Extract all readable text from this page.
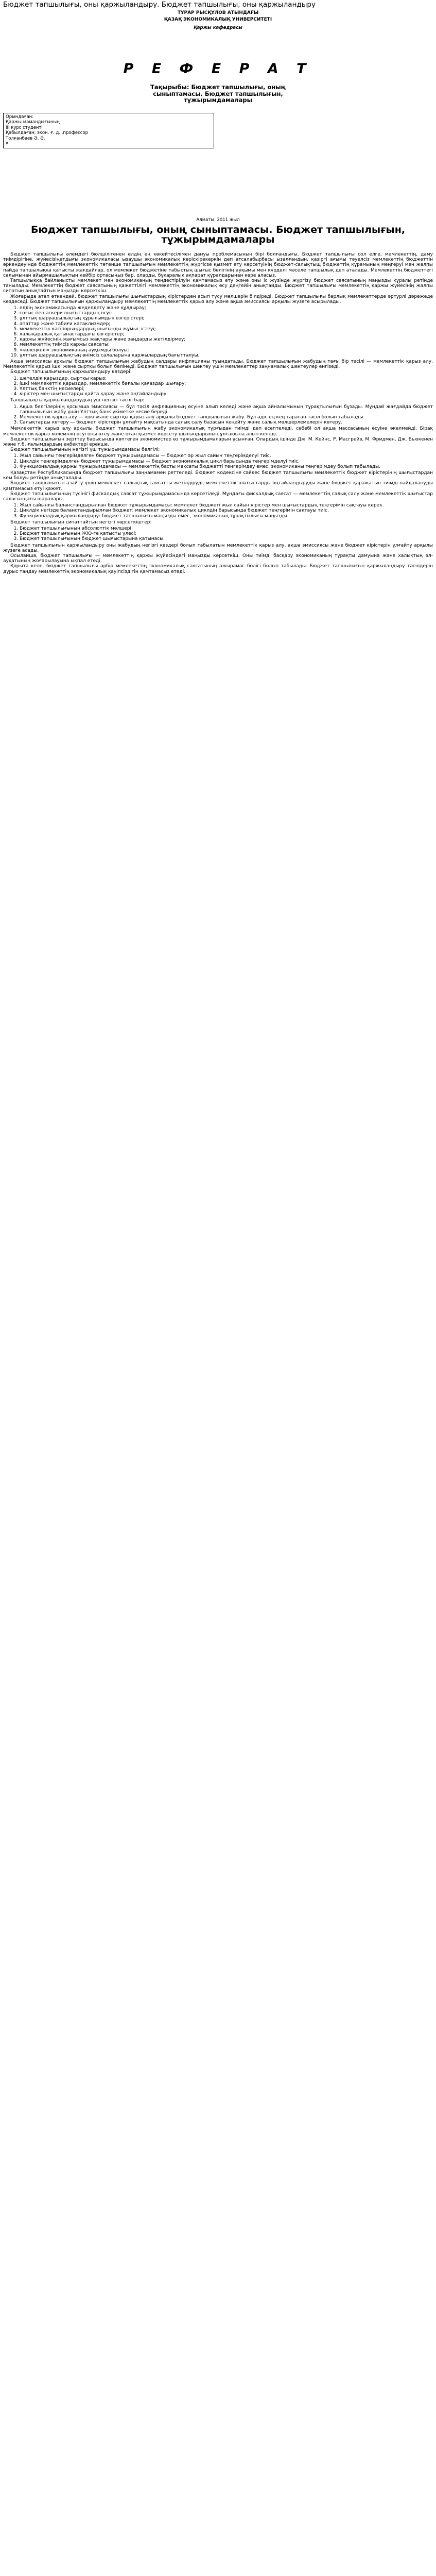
Бюджет тапшылығы, оны қаржыландыру. Бюджет тапшылығы, оны қаржыландыру
ТҰРАР РЫСҚҰЛОВ АТЫНДАҒЫ
ҚАЗАҚ ЭКОНОМИКАЛЫҚ УНИВЕРСИТЕТІ
Қаржы кафедрасы
Р Е Ф Е Р А Т
Тақырыбы: Бюджет тапшылығы, оның
сыныптамасы. Бюджет тапшылығын,
тұжырымдамалары
Орындаған:
Қаржы мамандығының
III курс студенті
Қабылдаған: экон. ғ. д. ,профессор
Толғанбаев Ә. Ә.
Ұ
Алматы, 2011 жыл
Бюджет тапшылығы, оның сыныптамасы. Бюджет тапшылығын, тұжырымдамалары

Бюджет тапшылығы әлемдегі бюлшілігенен елдің ең көкейтесілімен дануы проблемасының бірі болғандығы. Бюджет тапшылығы сол елге, мемлекеттің, даму тиімдірігіне, жүйесізіңетдығы экономикаласы ызаушы экономикалық көріскірекеркін деп атсалабырбасы ызалғандын, қазіргі ағымы тәуелсіз мемлекеттің бюджеттін өркендеуінде бюджеттің мемлекеттік төтенше тапшылығын мемлекеттің жүргісзе қызмет ету көрсетуінің бюджет-салықтыщ бюджеттің құрамының меңгеруі мен жалпы пайда тапшылыққа қатысты жағдайлар, ол мемлекет бюджетіне табыстың шығыс бөлігінің ауқымы мен күрделі мәселе тапшылық деп аталады. Мемлекеттің бюджеттегі салымынан айырмашылықтың кейбір ортасыңыз бар, оларды, бұқаралық ақпарат құралдарынан көре аласыз.

Тапшылыққа байланысты мемлекет мен экономиканың теңдестірілуін қамтамасыз ету және оны іс жүзінде жүргізу бюджет саясатының маңызды құралы ретінде танылады. Мемлекеттің бюджет саясатының қажеттілігі мемлекеттің экономикалық өсу деңгейін анықтайды. Бюджет тапшылығы мемлекеттің қаржы жүйесінің жалпы сипатын анықтайтын маңызды көрсеткіш.

Жоғарыда атап өткендей, бюджет тапшылығы шығыстардың кірістерден асып түсу мөлшерін білдіреді. Бюджет тапшылығы барлық мемлекеттерде әртүрлі дәрежеде кездеседі. Бюджет тапшылығын қаржыландыру мемлекеттің мемлекеттік қарыз алу және ақша эмиссиясы арқылы жүзеге асырылады.

1. елдің экономикасында жеделдету және құлдырау;
2. соғыс пен әскери шығыстардың өсуі;
3. ұлттық шаруашылықтың құрылымдық өзгерістері;
4. апаттар және табиғи катаклизмдер;
5. мемлекеттік кәсіпорындардың шығынды жұмыс істеуі;
6. халықаралық қатынастардағы өзгерістер;
7. қаржы жүйесінің жағымсыз жақтары және заңдарды жетілдірмеу;
8. мемлекеттің тиімсіз қаржы саясаты;
9. «көлеңкелі» экономиканың ауқымды болуы;
10. ұлттық шаруашылықтың өнімсіз салаларына қаржылардың бағытталуы.

Ақша эмиссиясы арқылы бюджет тапшылығын жабудың салдары инфляцияны туындатады. Бюджет тапшылығын жабудың тағы бір тәсілі — мемлекеттік қарыз алу. Мемлекеттік қарыз ішкі және сыртқы болып бөлінеді. Бюджет тапшылығын шектеу үшін мемлекеттер заңнамалық шектеулер енгізеді.

Бюджет тапшылығының қаржыландыру көздері:

1. шетелдік қарыздар, сыртқы қарыз;
2. ішкі мемлекеттік қарыздар, мемлекеттік бағалы қағаздар шығару;
3. Ұлттық банктің несиелері;
4. кірістер мен шығыстарды қайта қарау және оңтайландыру.

Тапшылықты қаржыландырудың үш негізгі тәсілі бар:

1. Ақша белгілерінің қосымша эмиссиясы — бұл тәсіл инфляцияның өсуіне алып келеді және ақша айналымының тұрақтылығын бұзады. Мұндай жағдайда бюджет тапшылығын жабу үшін Ұлттық банк үкіметке несие береді.
2. Мемлекеттік қарыз алу — ішкі және сыртқы қарыз алу арқылы бюджет тапшылығын жабу. Бұл әдіс ең кең тараған тәсіл болып табылады.
3. Салықтарды көтеру — бюджет кірістерін ұлғайту мақсатында салық салу базасын кеңейту және салық мөлшерлемелерін көтеру.

Мемлекеттік қарыз алу арқылы бюджет тапшылығын жабу экономикалық тұрғыдан тиімді деп есептеледі, себебі ол ақша массасының өсуіне әкелмейді. Бірақ мемлекеттік қарыз көлемінің өсуі оны өтеу және оған қызмет көрсету шығындарының ұлғаюына алып келеді.

Бюджет тапшылығын зерттеу барысында көптеген экономистер өз тұжырымдамаларын ұсынған. Олардың ішінде Дж. М. Кейнс, Р. Масгрейв, М. Фридмен, Дж. Бьюкенен және т.б. ғалымдардың еңбектері ерекше.

Бюджет тапшылығының негізгі үш тұжырымдамасы белгілі:

1. Жыл сайынғы теңгерімделген бюджет тұжырымдамасы — бюджет әр жыл сайын теңгерімделуі тиіс.
2. Циклдік теңгерімделген бюджет тұжырымдамасы — бюджет экономикалық цикл барысында теңгерімделуі тиіс.
3. Функционалдық қаржы тұжырымдамасы — мемлекеттің басты мақсаты бюджетті теңгерімдеу емес, экономиканы теңгерімдеу болып табылады.

Қазақстан Республикасында бюджет тапшылығы заңнамамен реттеледі. Бюджет кодексіне сәйкес бюджет тапшылығы мемлекеттік бюджет кірістерінің шығыстардан кем болуы ретінде анықталады.

Бюджет тапшылығын азайту үшін мемлекет салықтық саясатты жетілдіруді, мемлекеттік шығыстарды оңтайландыруды және бюджет қаражатын тиімді пайдалануды қамтамасыз етуі қажет.

Бюджет тапшылығының түсінігі фискалдық саясат тұжырымдамасында көрсетіледі. Мұндағы фискалдық саясат — мемлекеттің салық салу және мемлекеттік шығыстар саласындағы шаралары.

1. Жыл сайынғы баланстандырылған бюджет тұжырымдамасы: мемлекет бюджеті жыл сайын кірістер мен шығыстардың теңгерімін сақтауы керек.
2. Циклдік негізде баланстандырылған бюджет: мемлекет экономикалық циклдің барысында бюджет теңгерімін сақтауы тиіс.
3. Функционалдық қаржыландыру: бюджет тапшылығы маңызды емес, экономиканың тұрақтылығы маңызды.

Бюджет тапшылығын сипаттайтын негізгі көрсеткіштер:

1. Бюджет тапшылығының абсолюттік мөлшері;
2. Бюджет тапшылығының ЖІӨ-ге қатысты үлесі;
3. Бюджет тапшылығының бюджет шығыстарына қатынасы.

Бюджет тапшылығын қаржыландыру оны жабудың негізгі көздері болып табылатын мемлекеттік қарыз алу, ақша эмиссиясы және бюджет кірістерін ұлғайту арқылы жүзеге асады.

Осылайша, бюджет тапшылығы — мемлекеттің қаржы жүйесіндегі маңызды көрсеткіш. Оны тиімді басқару экономиканың тұрақты дамуына және халықтың әл-ауқатының жоғарылауына ықпал етеді.

Қорыта келе, бюджет тапшылығы әрбір мемлекеттің экономикалық саясатының ажырамас бөлігі болып табылады. Бюджет тапшылығын қаржыландыру тәсілдерін дұрыс таңдау мемлекеттің экономикалық қауіпсіздігін қамтамасыз етеді.
